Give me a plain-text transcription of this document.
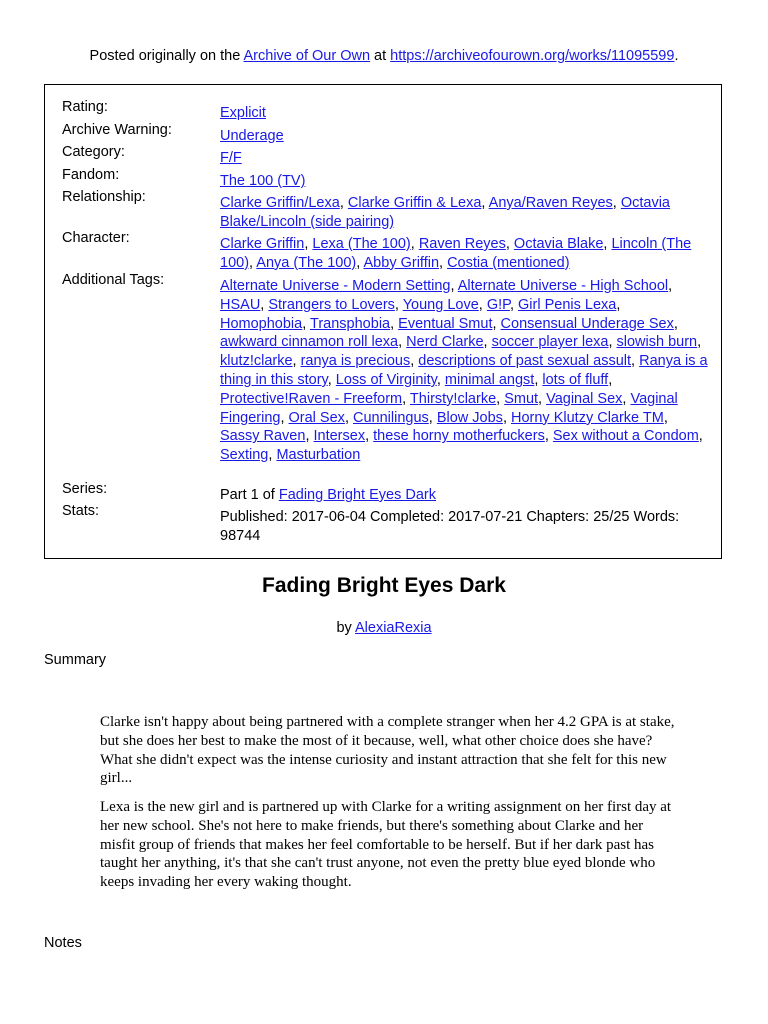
Posted originally on the Archive of Our Own at https://archiveofourown.org/works/11095599.
Rating:	Explicit
Archive Warning:	Underage
Category:	F/F
Fandom:	The 100 (TV)
Relationship:	Clarke Griffin/Lexa, Clarke Griffin & Lexa, Anya/Raven Reyes, Octavia Blake/Lincoln (side pairing)
Character:	Clarke Griffin, Lexa (The 100), Raven Reyes, Octavia Blake, Lincoln (The 100), Anya (The 100), Abby Griffin, Costia (mentioned)
Additional Tags:	Alternate Universe - Modern Setting, Alternate Universe - High School, HSAU, Strangers to Lovers, Young Love, G!P, Girl Penis Lexa, Homophobia, Transphobia, Eventual Smut, Consensual Underage Sex, awkward cinnamon roll lexa, Nerd Clarke, soccer player lexa, slowish burn, klutz!clarke, ranya is precious, descriptions of past sexual assult, Ranya is a thing in this story, Loss of Virginity, minimal angst, lots of fluff, Protective!Raven - Freeform, Thirsty!clarke, Smut, Vaginal Sex, Vaginal Fingering, Oral Sex, Cunnilingus, Blow Jobs, Horny Klutzy Clarke TM, Sassy Raven, Intersex, these horny motherfuckers, Sex without a Condom, Sexting, Masturbation
Series:	Part 1 of Fading Bright Eyes Dark
Stats:	Published: 2017-06-04 Completed: 2017-07-21 Chapters: 25/25 Words: 98744
Fading Bright Eyes Dark
by AlexiaRexia
Summary
Clarke isn't happy about being partnered with a complete stranger when her 4.2 GPA is at stake, but she does her best to make the most of it because, well, what other choice does she have? What she didn't expect was the intense curiosity and instant attraction that she felt for this new girl...
Lexa is the new girl and is partnered up with Clarke for a writing assignment on her first day at her new school. She's not here to make friends, but there's something about Clarke and her misfit group of friends that makes her feel comfortable to be herself. But if her dark past has taught her anything, it's that she can't trust anyone, not even the pretty blue eyed blonde who keeps invading her every waking thought.
Notes
